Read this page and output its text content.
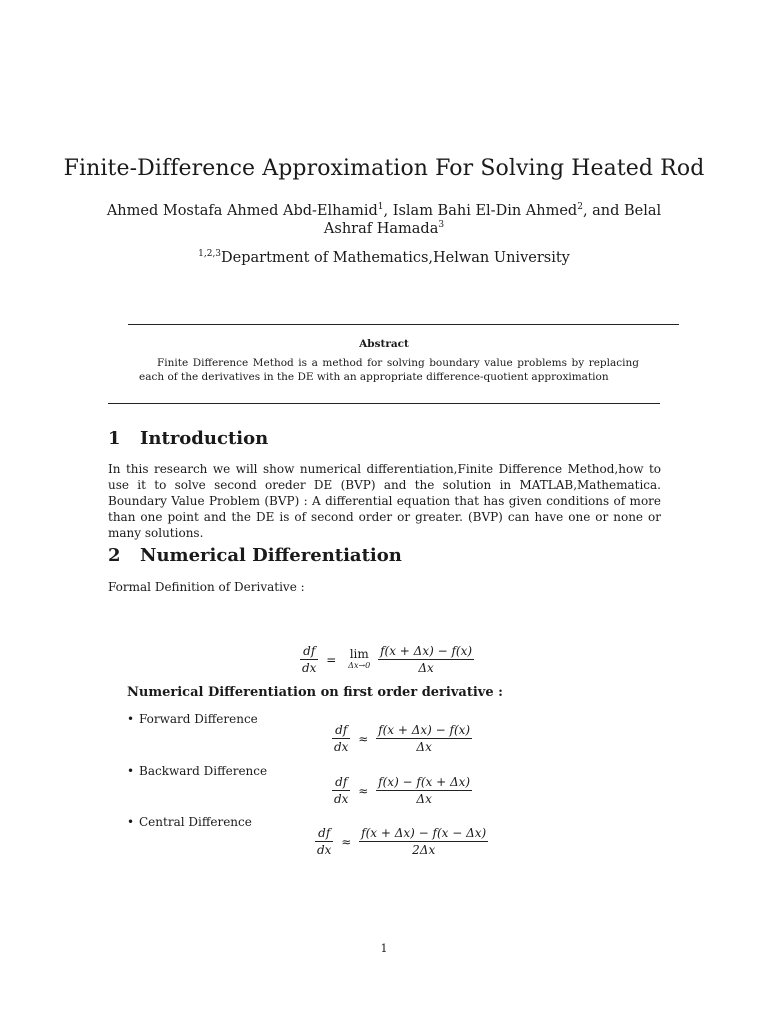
Finite-Difference Approximation For Solving Heated Rod
Ahmed Mostafa Ahmed Abd-Elhamid$^1$, Islam Bahi El-Din Ahmed$^2$, and Belal Ashraf Hamada$^3$
$^{1,2,3}$Department of Mathematics,Helwan University
Abstract
Finite Difference Method is a method for solving boundary value problems by replacing each of the derivatives in the DE with an appropriate difference-quotient approximation
1 Introduction
In this research we will show numerical differentiation,Finite Difference Method,how to use it to solve second oreder DE (BVP) and the solution in MATLAB,Mathematica. Boundary Value Problem (BVP) : A differential equation that has given conditions of more than one point and the DE is of second order or greater. (BVP) can have one or none or many solutions.
2 Numerical Differentiation
Formal Definition of Derivative :
$\frac{df}{dx} = \lim$
Δx→0
$\frac{f(x + \Delta x) - f(x)}{\Delta x}$
Numerical Differentiation on first order derivative :
• Forward Difference
$\frac{df}{dx} \approx \frac{f(x + \Delta x) - f(x)}{\Delta x}$
• Backward Difference
$\frac{df}{dx} \approx \frac{f(x) - f(x + \Delta x)}{\Delta x}$
• Central Difference
$\frac{df}{dx} \approx \frac{f(x + \Delta x) - f(x - \Delta x)}{2\Delta x}$
1
